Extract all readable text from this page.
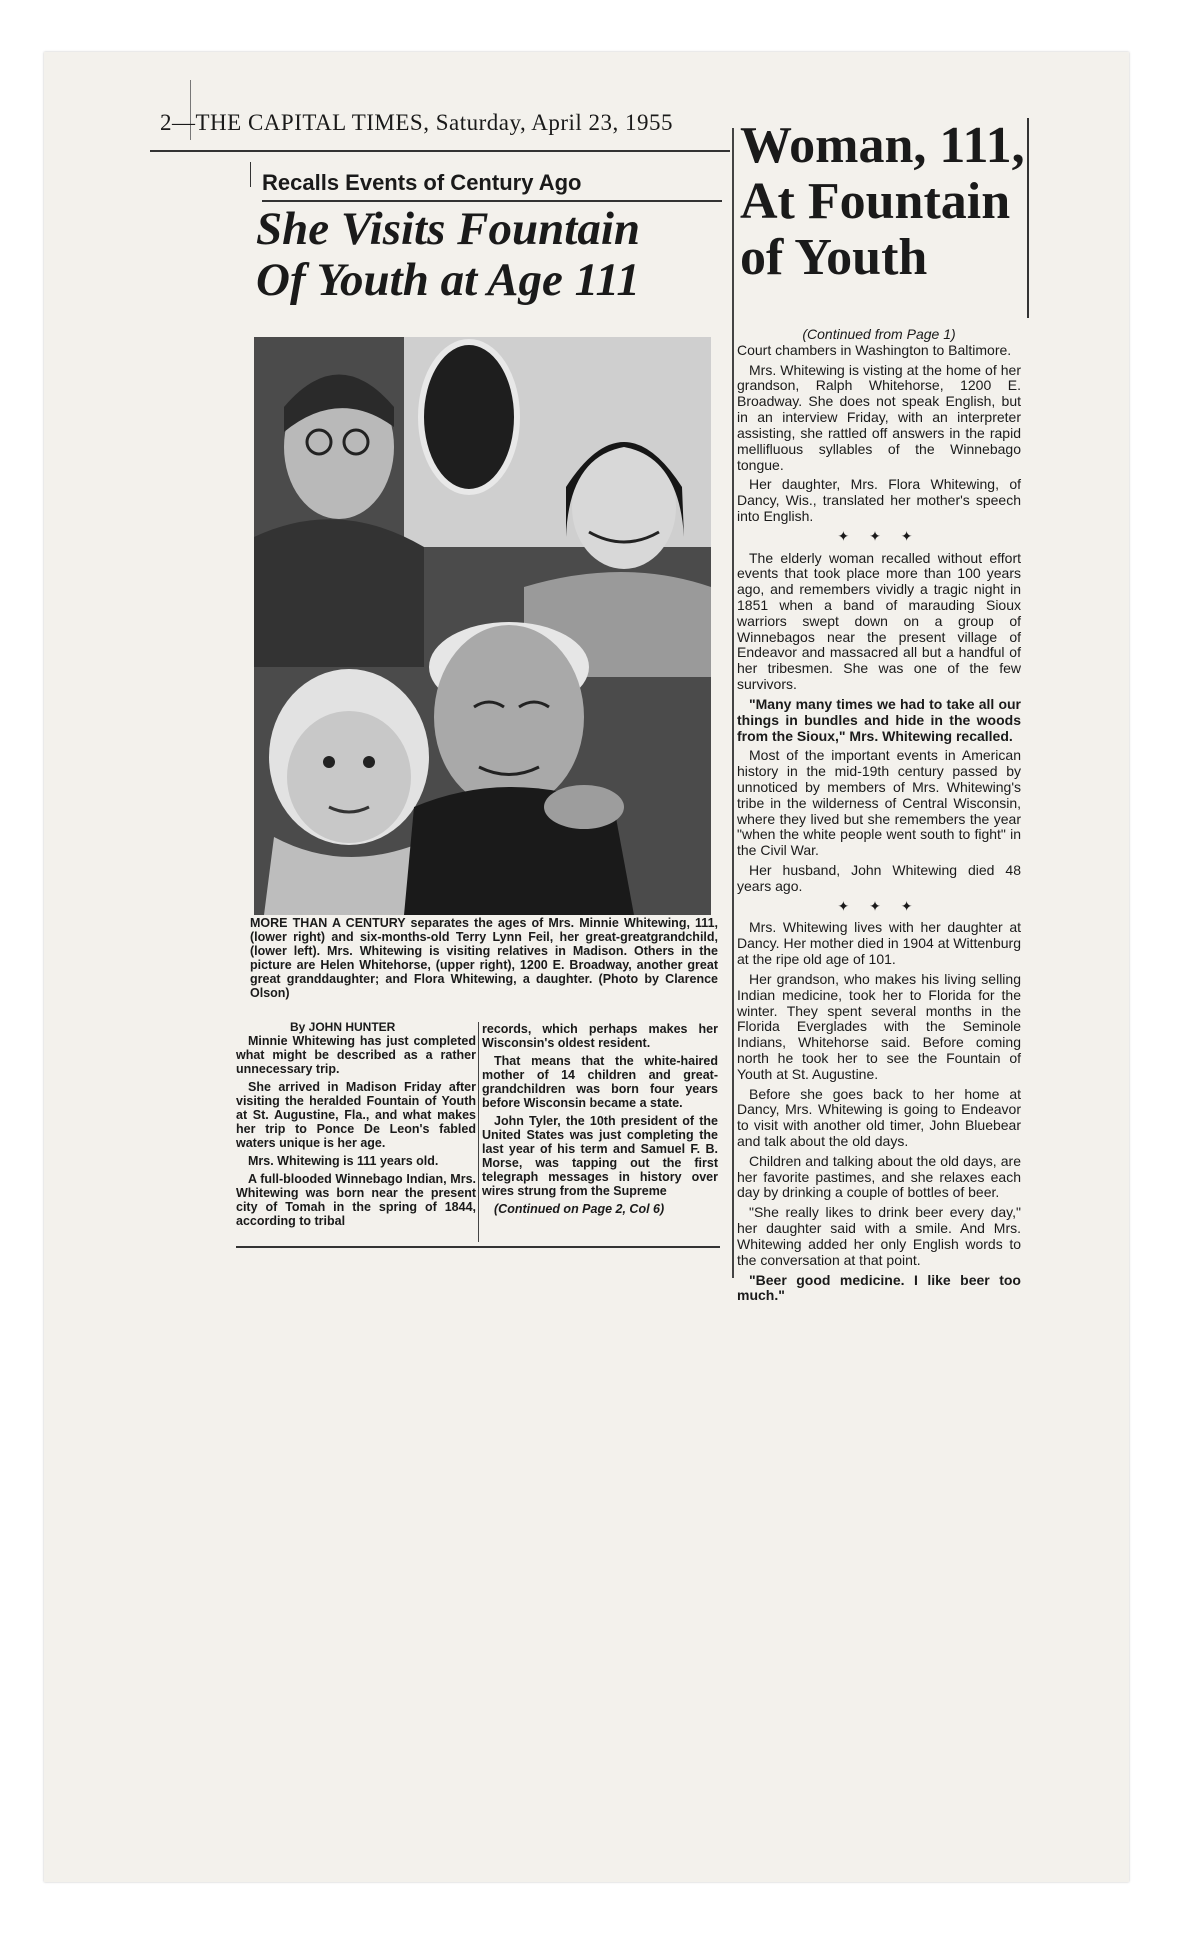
2—THE CAPITAL TIMES, Saturday, April 23, 1955
Recalls Events of Century Ago
She Visits Fountain
Of Youth at Age 111
Woman, 111,
At Fountain
of Youth
MORE THAN A CENTURY separates the ages of Mrs. Minnie Whitewing, 111, (lower right) and six-months-old Terry Lynn Feil, her great-greatgrandchild, (lower left). Mrs. Whitewing is visiting relatives in Madison. Others in the picture are Helen Whitehorse, (upper right), 1200 E. Broadway, another great great granddaughter; and Flora Whitewing, a daughter. (Photo by Clarence Olson)
By JOHN HUNTER

Minnie Whitewing has just completed what might be described as a rather unnecessary trip.

She arrived in Madison Friday after visiting the heralded Fountain of Youth at St. Augustine, Fla., and what makes her trip to Ponce De Leon's fabled waters unique is her age.

Mrs. Whitewing is 111 years old.

A full-blooded Winnebago Indian, Mrs. Whitewing was born near the present city of Tomah in the spring of 1844, according to tribal

records, which perhaps makes her Wisconsin's oldest resident.

That means that the white-haired mother of 14 children and great-grandchildren was born four years before Wisconsin became a state.

John Tyler, the 10th president of the United States was just completing the last year of his term and Samuel F. B. Morse, was tapping out the first telegraph messages in history over wires strung from the Supreme

(Continued on Page 2, Col 6)

(Continued from Page 1)

Court chambers in Washington to Baltimore.

Mrs. Whitewing is visting at the home of her grandson, Ralph Whitehorse, 1200 E. Broadway. She does not speak English, but in an interview Friday, with an interpreter assisting, she rattled off answers in the rapid mellifluous syllables of the Winnebago tongue.

Her daughter, Mrs. Flora Whitewing, of Dancy, Wis., translated her mother's speech into English.

✦ ✦ ✦

The elderly woman recalled without effort events that took place more than 100 years ago, and remembers vividly a tragic night in 1851 when a band of marauding Sioux warriors swept down on a group of Winnebagos near the present village of Endeavor and massacred all but a handful of her tribesmen. She was one of the few survivors.

"Many many times we had to take all our things in bundles and hide in the woods from the Sioux," Mrs. Whitewing recalled.

Most of the important events in American history in the mid-19th century passed by unnoticed by members of Mrs. Whitewing's tribe in the wilderness of Central Wisconsin, where they lived but she remembers the year "when the white people went south to fight" in the Civil War.

Her husband, John Whitewing died 48 years ago.

✦ ✦ ✦

Mrs. Whitewing lives with her daughter at Dancy. Her mother died in 1904 at Wittenburg at the ripe old age of 101.

Her grandson, who makes his living selling Indian medicine, took her to Florida for the winter. They spent several months in the Florida Everglades with the Seminole Indians, Whitehorse said. Before coming north he took her to see the Fountain of Youth at St. Augustine.

Before she goes back to her home at Dancy, Mrs. Whitewing is going to Endeavor to visit with another old timer, John Bluebear and talk about the old days.

Children and talking about the old days, are her favorite pastimes, and she relaxes each day by drinking a couple of bottles of beer.

"She really likes to drink beer every day," her daughter said with a smile. And Mrs. Whitewing added her only English words to the conversation at that point.

"Beer good medicine. I like beer too much."
